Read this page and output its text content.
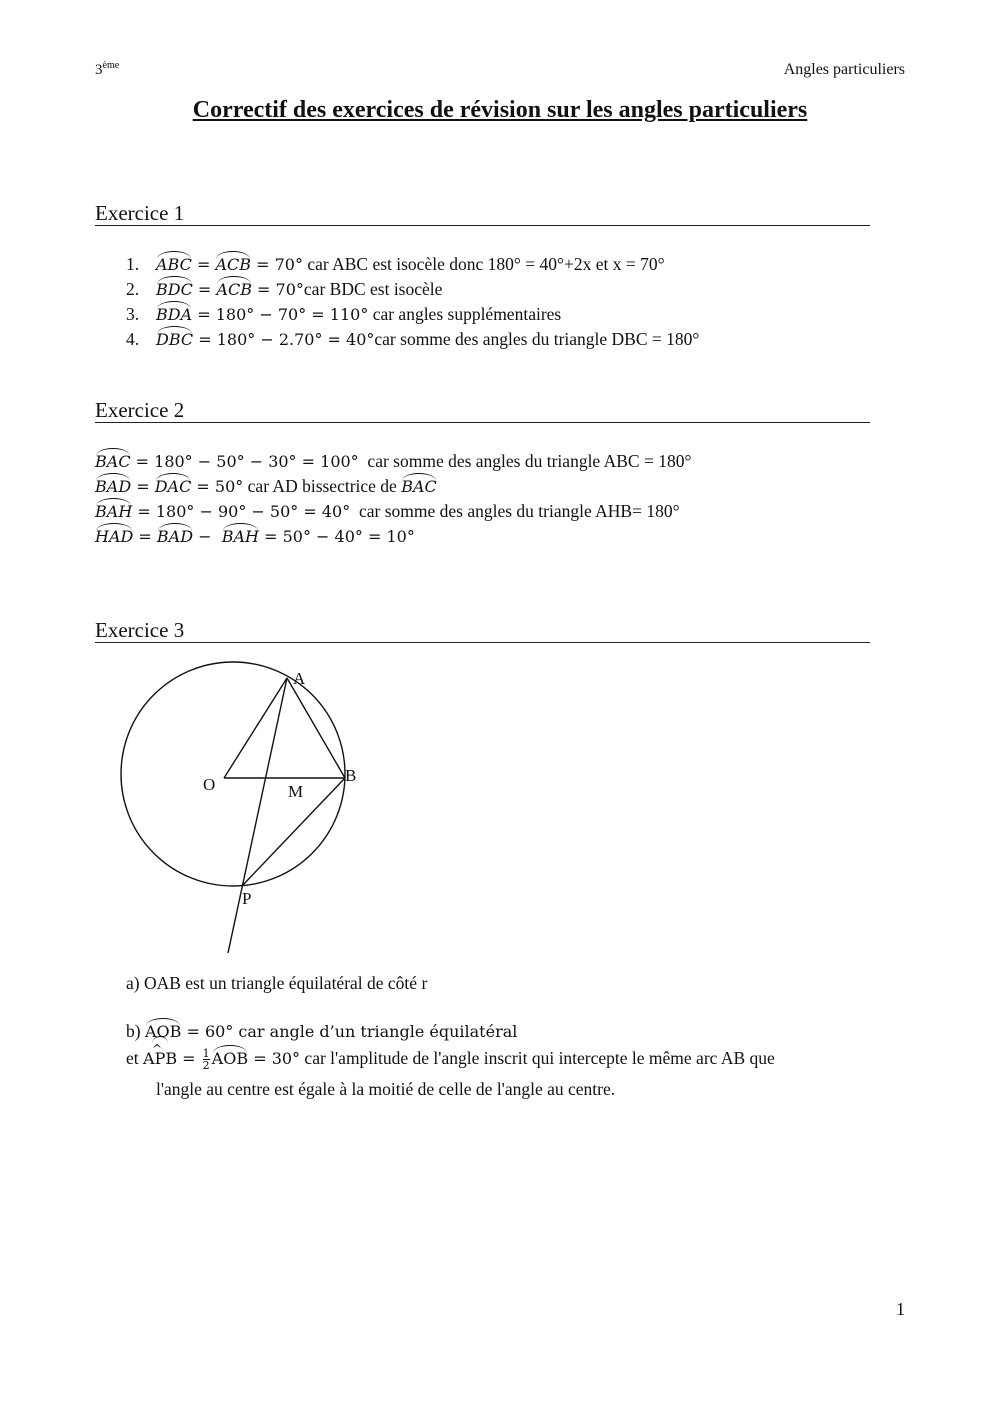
3ème	Angles particuliers
Correctif des exercices de révision sur les angles particuliers
Exercice 1
1. ABC = ACB = 70° car ABC est isocèle donc 180° = 40°+2x et x = 70°
2. BDC = ACB = 70°car BDC est isocèle
3. BDA = 180° − 70° = 110° car angles supplémentaires
4. DBC = 180° − 2.70° = 40°car somme des angles du triangle DBC = 180°
Exercice 2
BAC = 180° − 50° − 30° = 100°  car somme des angles du triangle ABC = 180°
BAD = DAC = 50° car AD bissectrice de BAC
BAH = 180° − 90° − 50° = 40°  car somme des angles du triangle AHB= 180°
HAD = BAD −  BAH = 50° − 40° = 10°
Exercice 3
A
B
O	M
P
a) OAB est un triangle équilatéral de côté r
b) AOB = 60° car angle d’un triangle équilatéral
et ^ APB = $\frac{1}{2}$ AOB = 30° car l'amplitude de l'angle inscrit qui intercepte le même arc AB que
l'angle au centre est égale à la moitié de celle de l'angle au centre.
1
